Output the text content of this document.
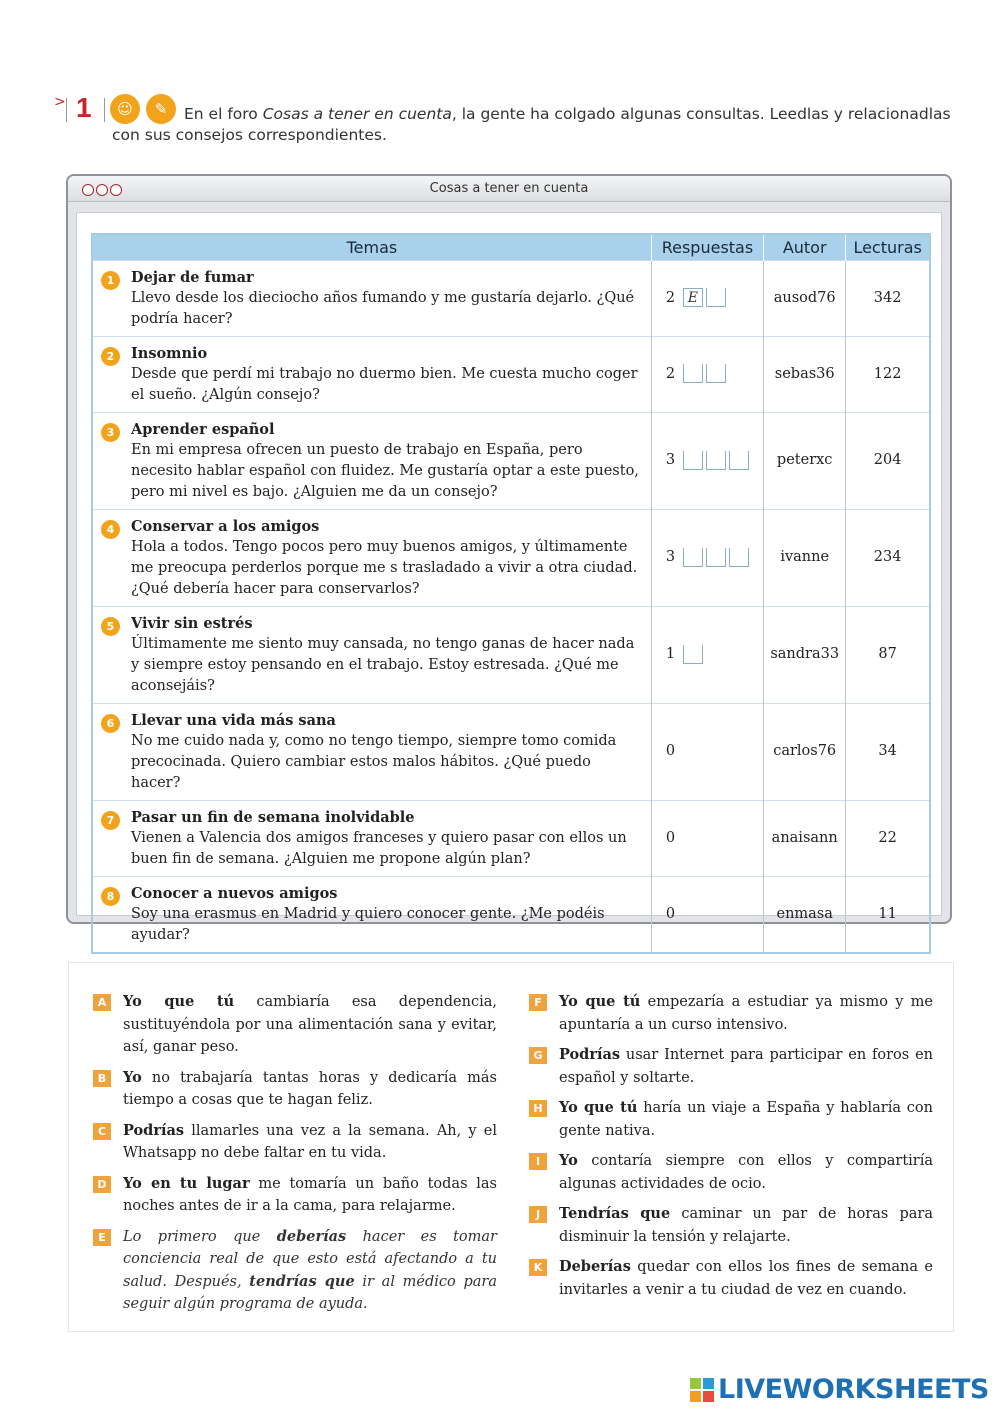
> 1	☺	✎	En el foro Cosas a tener en cuenta, la gente ha colgado algunas consultas. Leedlas y relacionadlas con sus consejos correspondientes.

Cosas a tener en cuenta
Temas	Respuestas	Autor	Lecturas

1 Dejar de fumar
Llevo desde los dieciocho años fumando y me gustaría dejarlo. ¿Qué podría hacer?	2 E	ausod76	342

2 Insomnio
Desde que perdí mi trabajo no duermo bien. Me cuesta mucho coger el sueño. ¿Algún consejo?	2	sebas36	122

3 Aprender español
En mi empresa ofrecen un puesto de trabajo en España, pero necesito hablar español con fluidez. Me gustaría optar a este puesto, pero mi nivel es bajo. ¿Alguien me da un consejo?	3	peterxc	204

4 Conservar a los amigos
Hola a todos. Tengo pocos pero muy buenos amigos, y últimamente me preocupa perderlos porque me s trasladado a vivir a otra ciudad. ¿Qué debería hacer para conservarlos?	3	ivanne	234

5 Vivir sin estrés
Últimamente me siento muy cansada, no tengo ganas de hacer nada y siempre estoy pensando en el trabajo. Estoy estresada. ¿Qué me aconsejáis?	1	sandra33	87

6 Llevar una vida más sana
No me cuido nada y, como no tengo tiempo, siempre tomo comida precocinada. Quiero cambiar estos malos hábitos. ¿Qué puedo hacer?	0	carlos76	34

7 Pasar un fin de semana inolvidable
Vienen a Valencia dos amigos franceses y quiero pasar con ellos un buen fin de semana. ¿Alguien me propone algún plan?	0	anaisann	22

8 Conocer a nuevos amigos
Soy una erasmus en Madrid y quiero conocer gente. ¿Me podéis ayudar?	0	enmasa	11
A	Yo que tú cambiaría esa dependencia, sustituyéndola por una alimentación sana y evitar, así, ganar peso.
B	Yo no trabajaría tantas horas y dedicaría más tiempo a cosas que te hagan feliz.
C	Podrías llamarles una vez a la semana. Ah, y el Whatsapp no debe faltar en tu vida.
D	Yo en tu lugar me tomaría un baño todas las noches antes de ir a la cama, para relajarme.
E	Lo primero que deberías hacer es tomar conciencia real de que esto está afectando a tu salud. Después, tendrías que ir al médico para seguir algún programa de ayuda.
F	Yo que tú empezaría a estudiar ya mismo y me apuntaría a un curso intensivo.
G	Podrías usar Internet para participar en foros en español y soltarte.
H	Yo que tú haría un viaje a España y hablaría con gente nativa.
I	Yo contaría siempre con ellos y compartiría algunas actividades de ocio.
J	Tendrías que caminar un par de horas para disminuir la tensión y relajarte.
K	Deberías quedar con ellos los fines de semana e invitarles a venir a tu ciudad de vez en cuando.
LIVEWORKSHEETS
